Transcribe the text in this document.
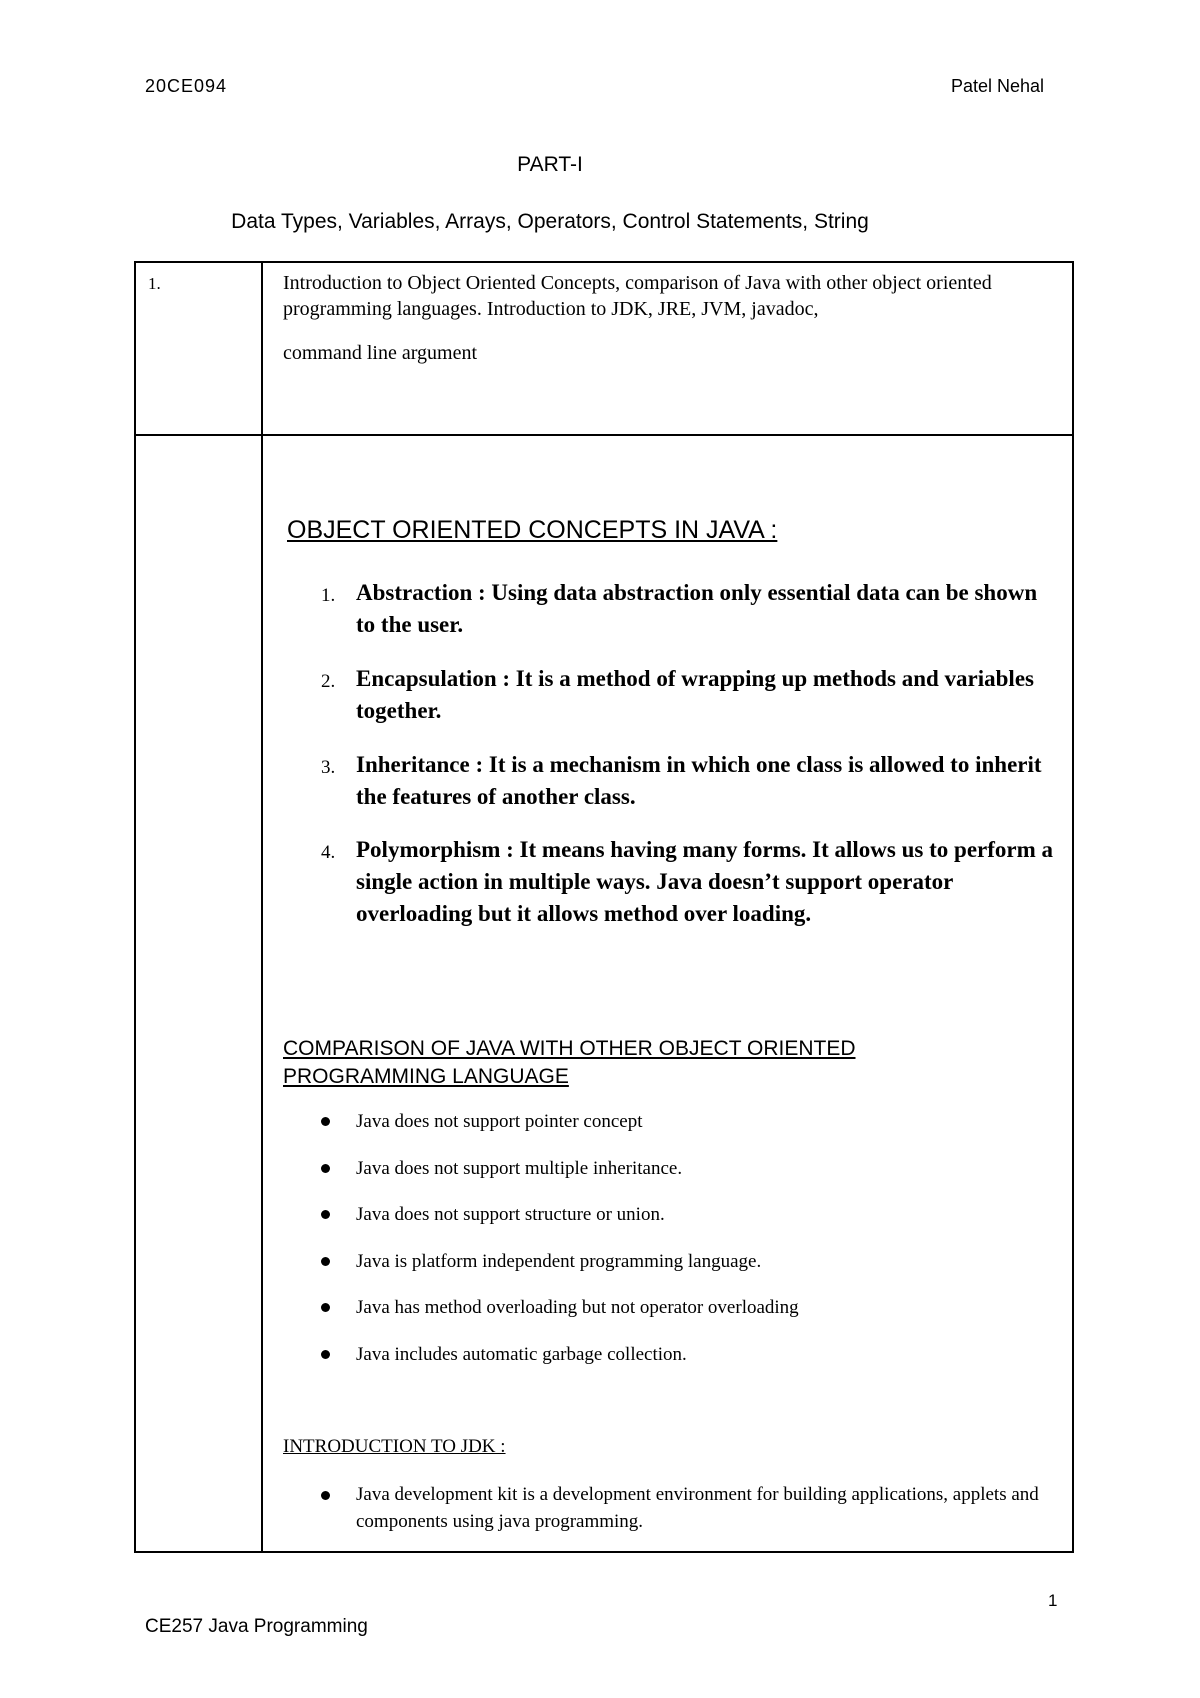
20CE094	Patel Nehal
PART-I
Data Types, Variables, Arrays, Operators, Control Statements, String
1.	Introduction to Object Oriented Concepts, comparison of Java with other object oriented programming languages. Introduction to JDK, JRE, JVM, javadoc,
command line argument
OBJECT ORIENTED CONCEPTS IN JAVA :
1. Abstraction : Using data abstraction only essential data can be shown to the user.
2. Encapsulation : It is a method of wrapping up methods and variables together.
3. Inheritance : It is a mechanism in which one class is allowed to inherit the features of another class.
4. Polymorphism : It means having many forms. It allows us to perform a single action in multiple ways. Java doesn’t support operator overloading but it allows method over loading.
COMPARISON OF JAVA WITH OTHER OBJECT ORIENTED PROGRAMMING LANGUAGE
Java does not support pointer concept
Java does not support multiple inheritance.
Java does not support structure or union.
Java is platform independent programming language.
Java has method overloading but not operator overloading
Java includes automatic garbage collection.
INTRODUCTION TO JDK :
Java development kit is a development environment for building applications, applets and components using java programming.
1
CE257 Java Programming
